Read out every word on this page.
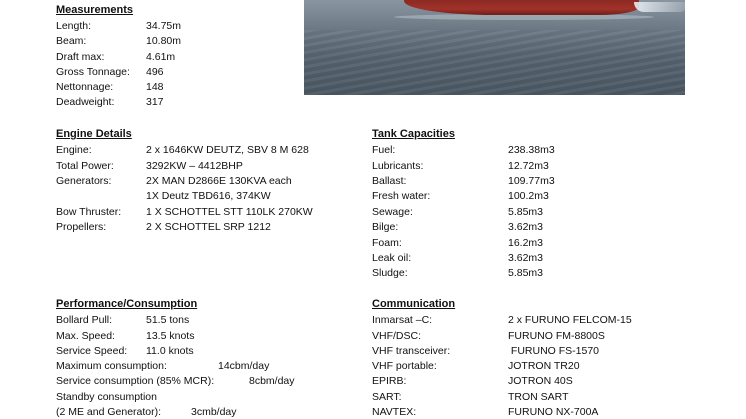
Measurements
Length:	34.75m
Beam:	10.80m
Draft max:	4.61m
Gross Tonnage: 496
Nettonnage:	148
Deadweight:	317
Engine Details
Engine:	2 x 1646KW DEUTZ, SBV 8 M 628
Total Power:	3292KW – 4412BHP
Generators:	2X MAN D2866E 130KVA each
1X Deutz TBD616, 374KW
Bow Thruster: 1 X SCHOTTEL STT 110LK 270KW
Propellers:	2 X SCHOTTEL SRP 1212
Tank Capacities
Fuel:	238.38m3
Lubricants:	12.72m3
Ballast:	109.77m3
Fresh water:	100.2m3
Sewage:	5.85m3
Bilge:	3.62m3
Foam:	16.2m3
Leak oil:	3.62m3
Sludge:	5.85m3
Performance/Consumption
Bollard Pull:	51.5 tons
Max. Speed:	13.5 knots
Service Speed: 11.0 knots
Maximum consumption:	14cbm/day
Service consumption (85% MCR):	8cbm/day
Standby consumption
(2 ME and Generator):	3cmb/day
Communication
Inmarsat –C:	2 x FURUNO FELCOM-15
VHF/DSC:	FURUNO FM-8800S
VHF transceiver:	FURUNO FS-1570
VHF portable:	JOTRON TR20
EPIRB:	JOTRON 40S
SART:	TRON SART
NAVTEX:	FURUNO NX-700A
